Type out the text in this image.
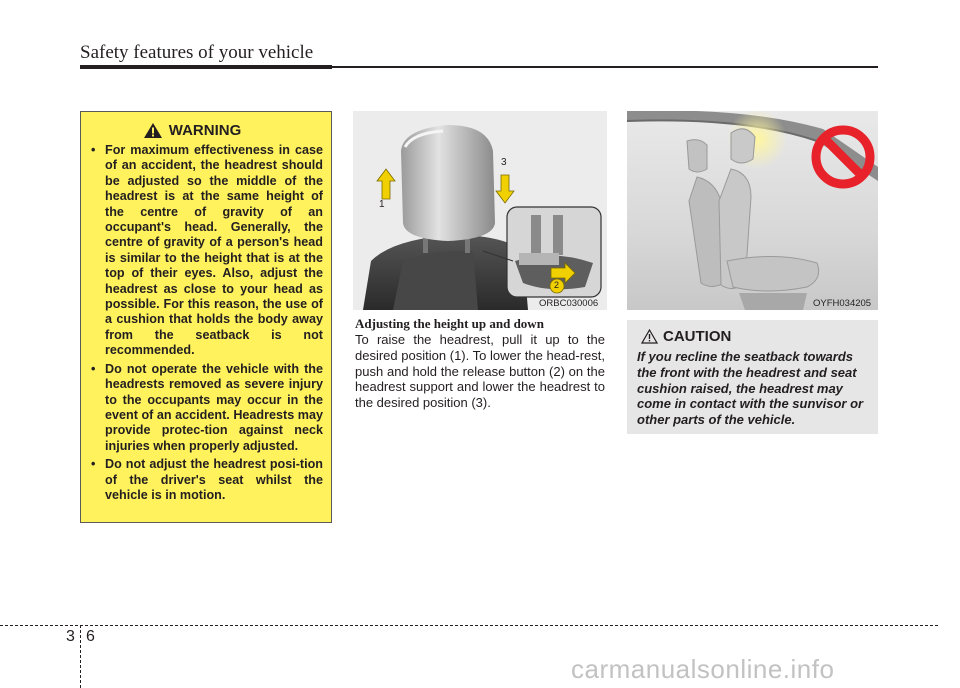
Safety features of your vehicle
WARNING
• For maximum effectiveness in case of an accident, the headrest should be adjusted so the middle of the headrest is at the same height of the centre of gravity of an occupant's head. Generally, the centre of gravity of a person's head is similar to the height that is at the top of their eyes. Also, adjust the headrest as close to your head as possible. For this reason, the use of a cushion that holds the body away from the seatback is not recommended.
• Do not operate the vehicle with the headrests removed as severe injury to the occupants may occur in the event of an accident. Headrests may provide protec-tion against neck injuries when properly adjusted.
• Do not adjust the headrest posi-tion of the driver's seat whilst the vehicle is in motion.
1
3
2
ORBC030006	OYFH034205
Adjusting the height up and down
To raise the headrest, pull it up to the desired position (1). To lower the head-rest, push and hold the release button (2) on the headrest support and lower the headrest to the desired position (3).
CAUTION
If you recline the seatback towards the front with the headrest and seat cushion raised, the headrest may come in contact with the sunvisor or other parts of the vehicle.
3 6
carmanualsonline.info
